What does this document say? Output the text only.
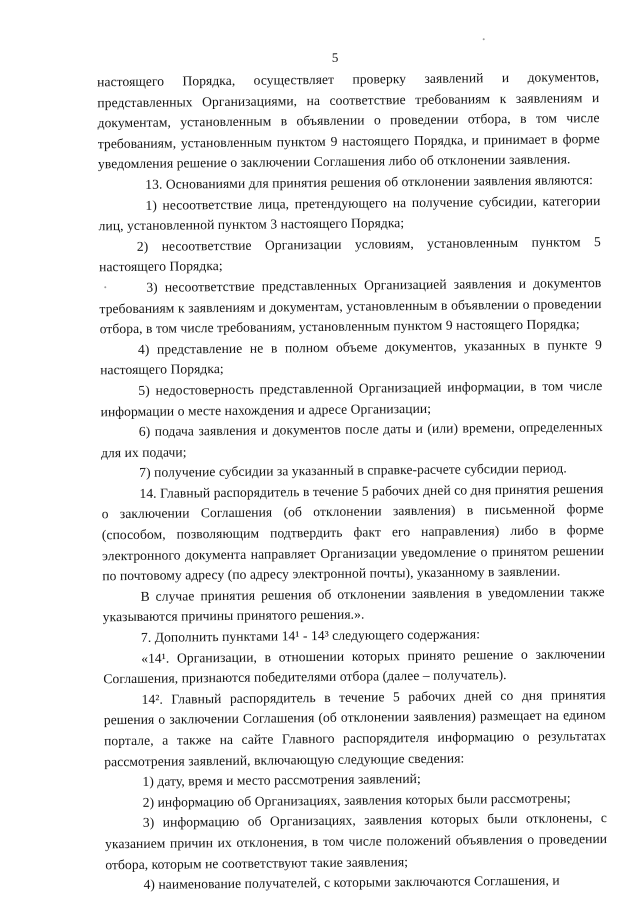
5

настоящего Порядка, осуществляет проверку заявлений и документов, представленных Организациями, на соответствие требованиям к заявлениям и документам, установленным в объявлении о проведении отбора, в том числе требованиям, установленным пунктом 9 настоящего Порядка, и принимает в форме уведомления решение о заключении Соглашения либо об отклонении заявления.

13. Основаниями для принятия решения об отклонении заявления являются:

1) несоответствие лица, претендующего на получение субсидии, категории лиц, установленной пунктом 3 настоящего Порядка;

2) несоответствие Организации условиям, установленным пунктом 5 настоящего Порядка;

3) несоответствие представленных Организацией заявления и документов требованиям к заявлениям и документам, установленным в объявлении о проведении отбора, в том числе требованиям, установленным пунктом 9 настоящего Порядка;

4) представление не в полном объеме документов, указанных в пункте 9 настоящего Порядка;

5) недостоверность представленной Организацией информации, в том числе информации о месте нахождения и адресе Организации;

6) подача заявления и документов после даты и (или) времени, определенных для их подачи;

7) получение субсидии за указанный в справке-расчете субсидии период.

14. Главный распорядитель в течение 5 рабочих дней со дня принятия решения о заключении Соглашения (об отклонении заявления) в письменной форме (способом, позволяющим подтвердить факт его направления) либо в форме электронного документа направляет Организации уведомление о принятом решении по почтовому адресу (по адресу электронной почты), указанному в заявлении.

В случае принятия решения об отклонении заявления в уведомлении также указываются причины принятого решения.».

7. Дополнить пунктами 14¹ - 14³ следующего содержания:

«14¹. Организации, в отношении которых принято решение о заключении Соглашения, признаются победителями отбора (далее – получатель).

14². Главный распорядитель в течение 5 рабочих дней со дня принятия решения о заключении Соглашения (об отклонении заявления) размещает на едином портале, а также на сайте Главного распорядителя информацию о результатах рассмотрения заявлений, включающую следующие сведения:

1) дату, время и место рассмотрения заявлений;

2) информацию об Организациях, заявления которых были рассмотрены;

3) информацию об Организациях, заявления которых были отклонены, с указанием причин их отклонения, в том числе положений объявления о проведении отбора, которым не соответствуют такие заявления;

4) наименование получателей, с которыми заключаются Соглашения, и
